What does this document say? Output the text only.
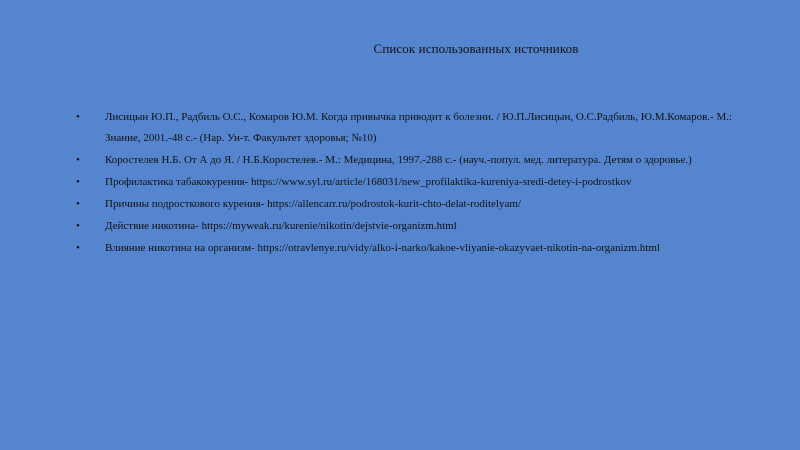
Список использованных источников
• Лисицын Ю.П., Радбиль О.С., Комаров Ю.М. Когда привычка приводит к болезни. / Ю.П.Лисицын, О.С.Радбиль, Ю.М.Комаров.- М.: Знание, 2001.-48 с.- (Нар. Ун-т. Факультет здоровья; №10)
• Коростелев Н.Б. От А до Я. / Н.Б.Коростелев.- М.: Медицина, 1997.-288 с.- (науч.-попул. мед. литература. Детям о здоровье.)
• Профилактика табакокурения- https://www.syl.ru/article/168031/new_profilaktika-kureniya-sredi-detey-i-podrostkov
• Причины подросткового курения- https://allencarr.ru/podrostok-kurit-chto-delat-roditelyam/
• Действие никотина- https://myweak.ru/kurenie/nikotin/dejstvie-organizm.html
• Влияние никотина на организм- https://otravlenye.ru/vidy/alko-i-narko/kakoe-vliyanie-okazyvaet-nikotin-na-organizm.html
